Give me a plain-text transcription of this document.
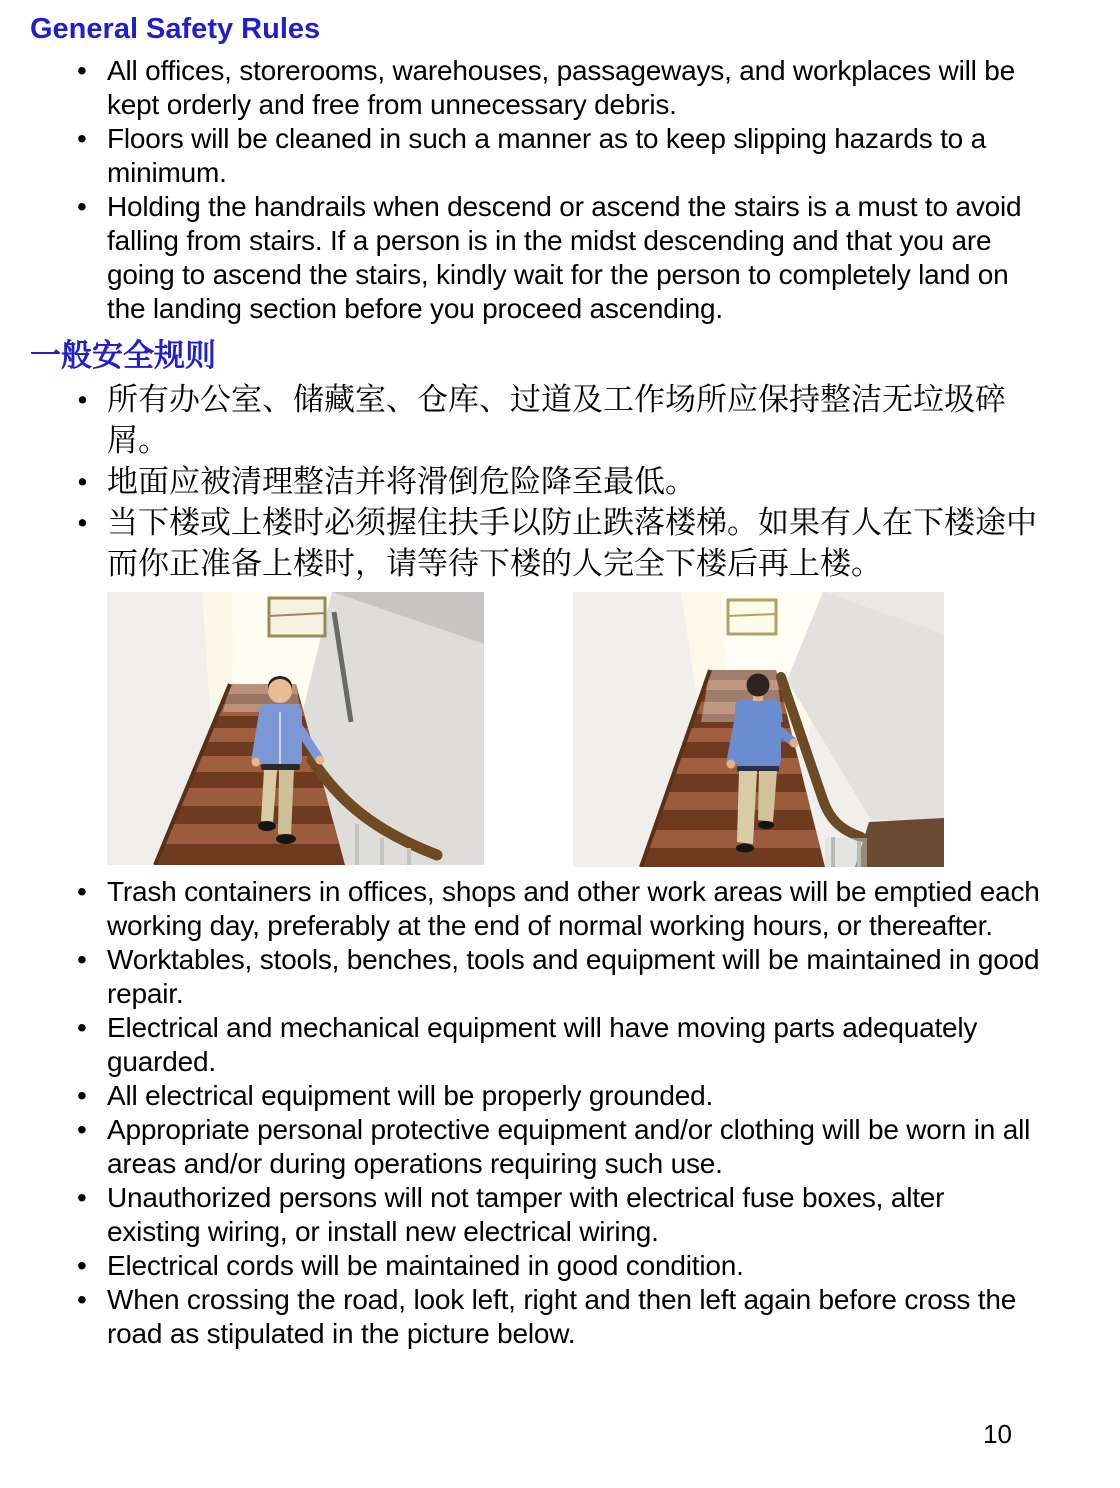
General Safety Rules
• All offices, storerooms, warehouses, passageways, and workplaces will be kept orderly and free from unnecessary debris.
• Floors will be cleaned in such a manner as to keep slipping hazards to a minimum.
• Holding the handrails when descend or ascend the stairs is a must to avoid falling from stairs. If a person is in the midst descending and that you are going to ascend the stairs, kindly wait for the person to completely land on the landing section before you proceed ascending.
一般安全规则
• 所有办公室、储藏室、仓库、过道及工作场所应保持整洁无垃圾碎屑。
• 地面应被清理整洁并将滑倒危险降至最低。
• 当下楼或上楼时必须握住扶手以防止跌落楼梯。如果有人在下楼途中而你正准备上楼时，请等待下楼的人完全下楼后再上楼。
• Trash containers in offices, shops and other work areas will be emptied each working day, preferably at the end of normal working hours, or thereafter.
• Worktables, stools, benches, tools and equipment will be maintained in good repair.
• Electrical and mechanical equipment will have moving parts adequately guarded.
• All electrical equipment will be properly grounded.
• Appropriate personal protective equipment and/or clothing will be worn in all areas and/or during operations requiring such use.
• Unauthorized persons will not tamper with electrical fuse boxes, alter existing wiring, or install new electrical wiring.
• Electrical cords will be maintained in good condition.
• When crossing the road, look left, right and then left again before cross the road as stipulated in the picture below.
10
